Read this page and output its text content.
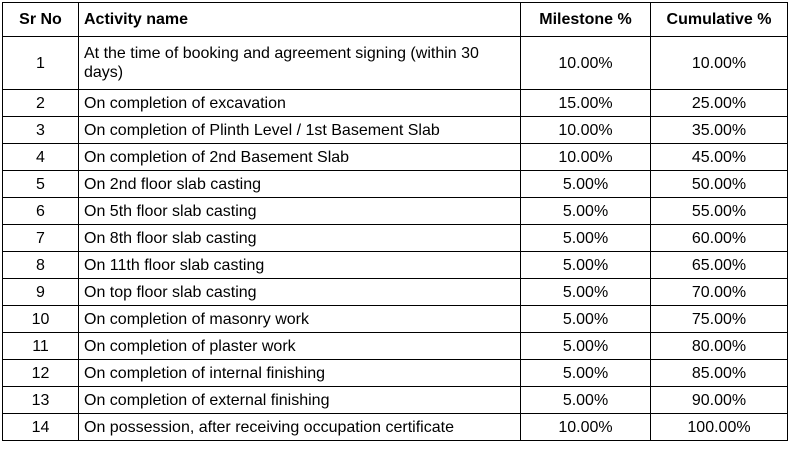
Sr No	Activity name	Milestone %	Cumulative %
1	At the time of booking and agreement signing (within 30 days)	10.00%	10.00%
2	On completion of excavation	15.00%	25.00%
3	On completion of Plinth Level / 1st Basement Slab	10.00%	35.00%
4	On completion of 2nd Basement Slab	10.00%	45.00%
5	On 2nd floor slab casting	5.00%	50.00%
6	On 5th floor slab casting	5.00%	55.00%
7	On 8th floor slab casting	5.00%	60.00%
8	On 11th floor slab casting	5.00%	65.00%
9	On top floor slab casting	5.00%	70.00%
10	On completion of masonry work	5.00%	75.00%
11	On completion of plaster work	5.00%	80.00%
12	On completion of internal finishing	5.00%	85.00%
13	On completion of external finishing	5.00%	90.00%
14	On possession, after receiving occupation certificate	10.00%	100.00%
